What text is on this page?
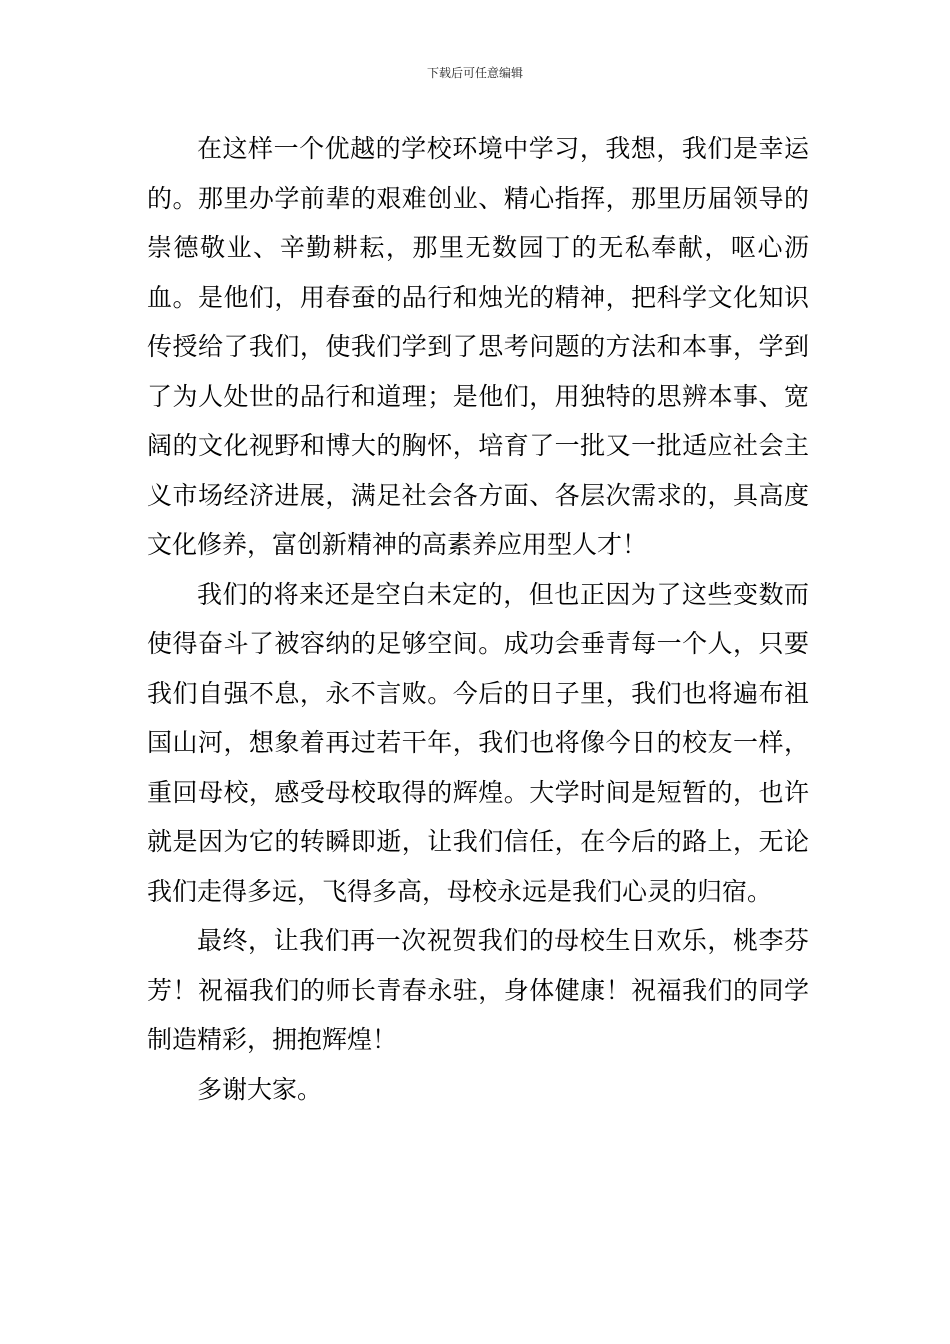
下载后可任意编辑

在这样一个优越的学校环境中学习，我想，我们是幸运的。那里办学前辈的艰难创业、精心指挥，那里历届领导的崇德敬业、辛勤耕耘，那里无数园丁的无私奉献，呕心沥血。是他们，用春蚕的品行和烛光的精神，把科学文化知识传授给了我们，使我们学到了思考问题的方法和本事，学到了为人处世的品行和道理；是他们，用独特的思辨本事、宽阔的文化视野和博大的胸怀，培育了一批又一批适应社会主义市场经济进展，满足社会各方面、各层次需求的，具高度文化修养，富创新精神的高素养应用型人才！

我们的将来还是空白未定的，但也正因为了这些变数而使得奋斗了被容纳的足够空间。成功会垂青每一个人，只要我们自强不息，永不言败。今后的日子里，我们也将遍布祖国山河，想象着再过若干年，我们也将像今日的校友一样，重回母校，感受母校取得的辉煌。大学时间是短暂的，也许就是因为它的转瞬即逝，让我们信任，在今后的路上，无论我们走得多远，飞得多高，母校永远是我们心灵的归宿。

最终，让我们再一次祝贺我们的母校生日欢乐，桃李芬芳！祝福我们的师长青春永驻，身体健康！祝福我们的同学制造精彩，拥抱辉煌！

多谢大家。
